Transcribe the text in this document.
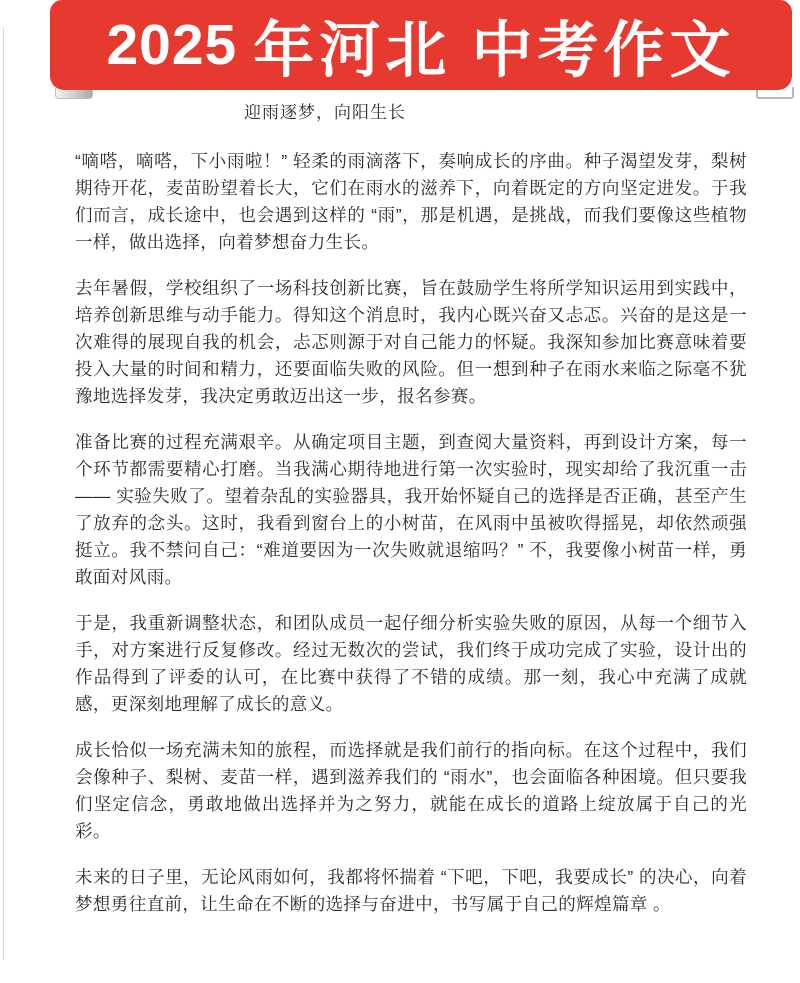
2025 年河北 中考作文
迎雨逐梦，向阳生长

“嘀嗒，嘀嗒，下小雨啦！” 轻柔的雨滴落下，奏响成长的序曲。种子渴望发芽，梨树期待开花，麦苗盼望着长大，它们在雨水的滋养下，向着既定的方向坚定进发。于我们而言，成长途中，也会遇到这样的 “雨”，那是机遇，是挑战，而我们要像这些植物一样，做出选择，向着梦想奋力生长。

去年暑假，学校组织了一场科技创新比赛，旨在鼓励学生将所学知识运用到实践中，培养创新思维与动手能力。得知这个消息时，我内心既兴奋又忐忑。兴奋的是这是一次难得的展现自我的机会，忐忑则源于对自己能力的怀疑。我深知参加比赛意味着要投入大量的时间和精力，还要面临失败的风险。但一想到种子在雨水来临之际毫不犹豫地选择发芽，我决定勇敢迈出这一步，报名参赛。

准备比赛的过程充满艰辛。从确定项目主题，到查阅大量资料，再到设计方案，每一个环节都需要精心打磨。当我满心期待地进行第一次实验时，现实却给了我沉重一击 —— 实验失败了。望着杂乱的实验器具，我开始怀疑自己的选择是否正确，甚至产生了放弃的念头。这时，我看到窗台上的小树苗，在风雨中虽被吹得摇晃，却依然顽强挺立。我不禁问自己：“难道要因为一次失败就退缩吗？” 不，我要像小树苗一样，勇敢面对风雨。

于是，我重新调整状态，和团队成员一起仔细分析实验失败的原因，从每一个细节入手，对方案进行反复修改。经过无数次的尝试，我们终于成功完成了实验，设计出的作品得到了评委的认可，在比赛中获得了不错的成绩。那一刻，我心中充满了成就感，更深刻地理解了成长的意义。

成长恰似一场充满未知的旅程，而选择就是我们前行的指向标。在这个过程中，我们会像种子、梨树、麦苗一样，遇到滋养我们的 “雨水”，也会面临各种困境。但只要我们坚定信念，勇敢地做出选择并为之努力，就能在成长的道路上绽放属于自己的光彩。

未来的日子里，无论风雨如何，我都将怀揣着 “下吧，下吧，我要成长” 的决心，向着梦想勇往直前，让生命在不断的选择与奋进中，书写属于自己的辉煌篇章 。
